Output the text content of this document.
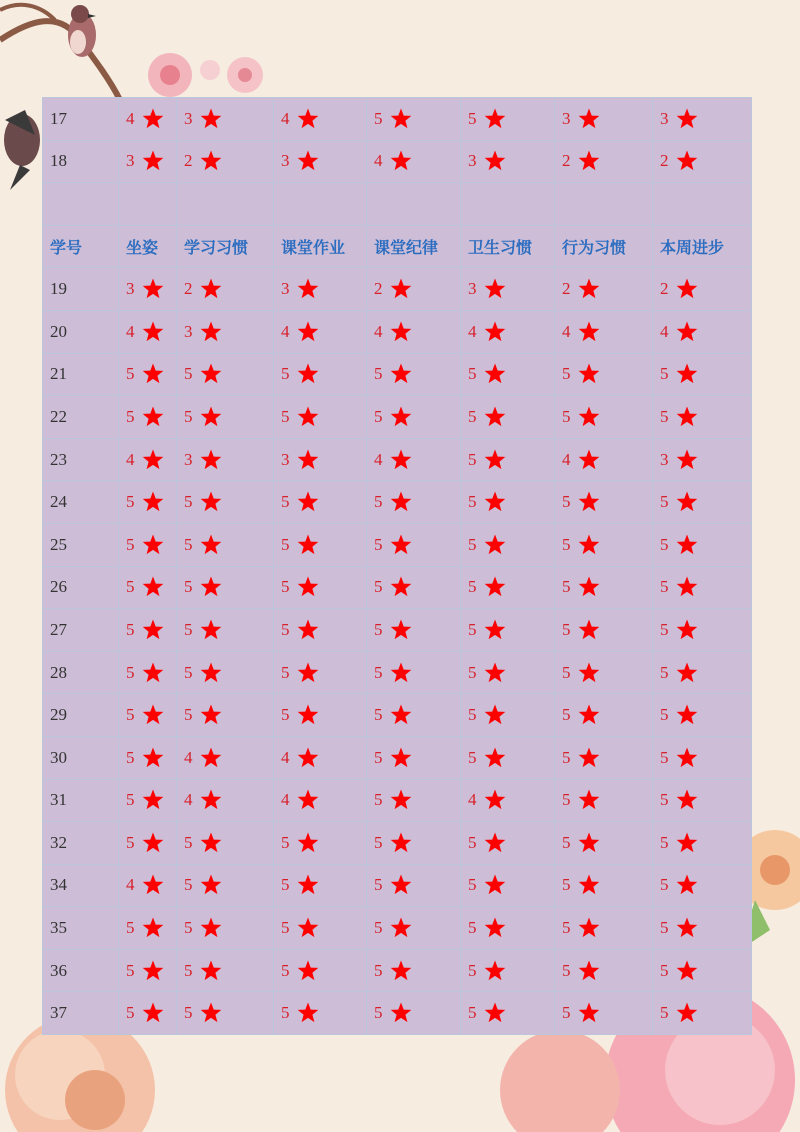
17	4	3	4	5	5	3	3

18	3	2	3	4	3	2	2

学号	坐姿	学习习惯	课堂作业	课堂纪律	卫生习惯	行为习惯	本周进步
19	3	2	3	2	3	2	2

20	4	3	4	4	4	4	4

21	5	5	5	5	5	5	5

22	5	5	5	5	5	5	5

23	4	3	3	4	5	4	3

24	5	5	5	5	5	5	5

25	5	5	5	5	5	5	5

26	5	5	5	5	5	5	5

27	5	5	5	5	5	5	5

28	5	5	5	5	5	5	5

29	5	5	5	5	5	5	5

30	5	4	4	5	5	5	5

31	5	4	4	5	4	5	5

32	5	5	5	5	5	5	5

34	4	5	5	5	5	5	5

35	5	5	5	5	5	5	5

36	5	5	5	5	5	5	5

37	5	5	5	5	5	5	5
